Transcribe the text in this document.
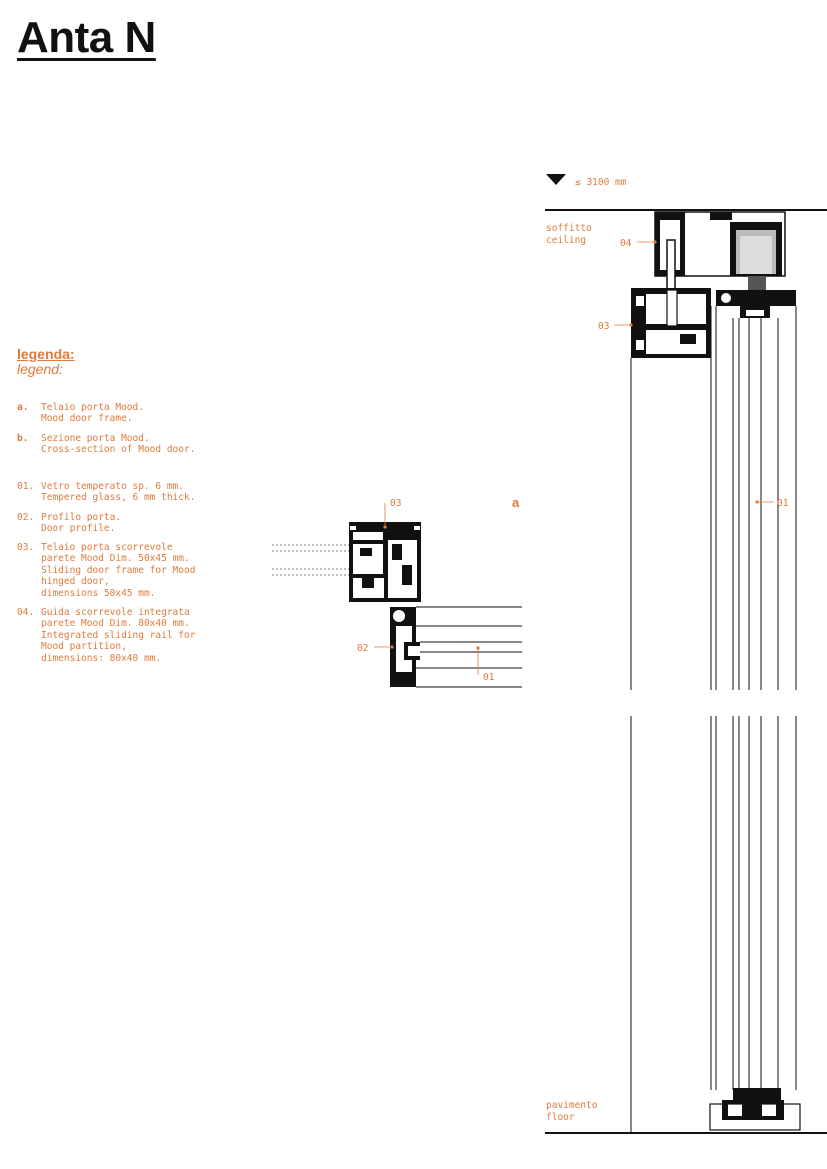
Anta N
legenda:
legend:
a. Telaio porta Mood.
Mood door frame.
b. Sezione porta Mood.
Cross-section of Mood door.
01. Vetro temperato sp. 6 mm.
Tempered glass, 6 mm thick.
02. Profilo porta.
Door profile.
03. Telaio porta scorrevole
parete Mood Dim. 50x45 mm.
Sliding door frame for Mood
hinged door,
dimensions 50x45 mm.
04. Guida scorrevole integrata
parete Mood Dim. 80x40 mm.
Integrated sliding rail for
Mood partition,
dimensions: 80x40 mm.
03
02
01
a
≤ 3100 mm
soffitto
ceiling
pavimento
floor
04
03
01
